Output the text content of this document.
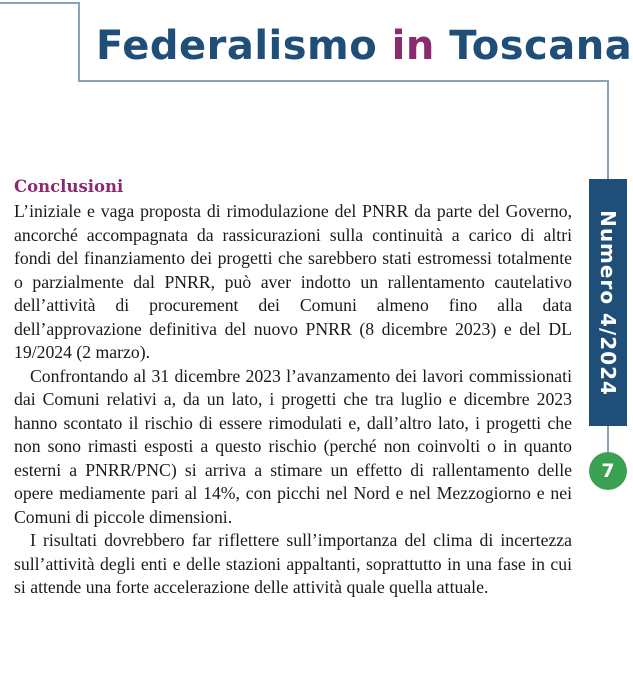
Federalismo in Toscana
Numero 4/2024
7
Conclusioni

L’iniziale e vaga proposta di rimodulazione del PNRR da parte del Governo, ancorché accompagnata da rassicurazioni sulla continuità a carico di altri fondi del finanziamento dei progetti che sarebbero stati estromessi totalmente o parzialmente dal PNRR, può aver indotto un rallentamento cautelativo dell’attività di procurement dei Comuni almeno fino alla data dell’approvazione definitiva del nuovo PNRR (8 dicembre 2023) e del DL 19/2024 (2 marzo).

Confrontando al 31 dicembre 2023 l’avanzamento dei lavori commissionati dai Comuni relativi a, da un lato, i progetti che tra luglio e dicembre 2023 hanno scontato il rischio di essere rimodulati e, dall’altro lato, i progetti che non sono rimasti esposti a questo rischio (perché non coinvolti o in quanto esterni a PNRR/PNC) si arriva a stimare un effetto di rallentamento delle opere mediamente pari al 14%, con picchi nel Nord e nel Mezzogiorno e nei Comuni di piccole dimensioni.

I risultati dovrebbero far riflettere sull’importanza del clima di incertezza sull’attività degli enti e delle stazioni appaltanti, soprattutto in una fase in cui si attende una forte accelerazione delle attività quale quella attuale.
